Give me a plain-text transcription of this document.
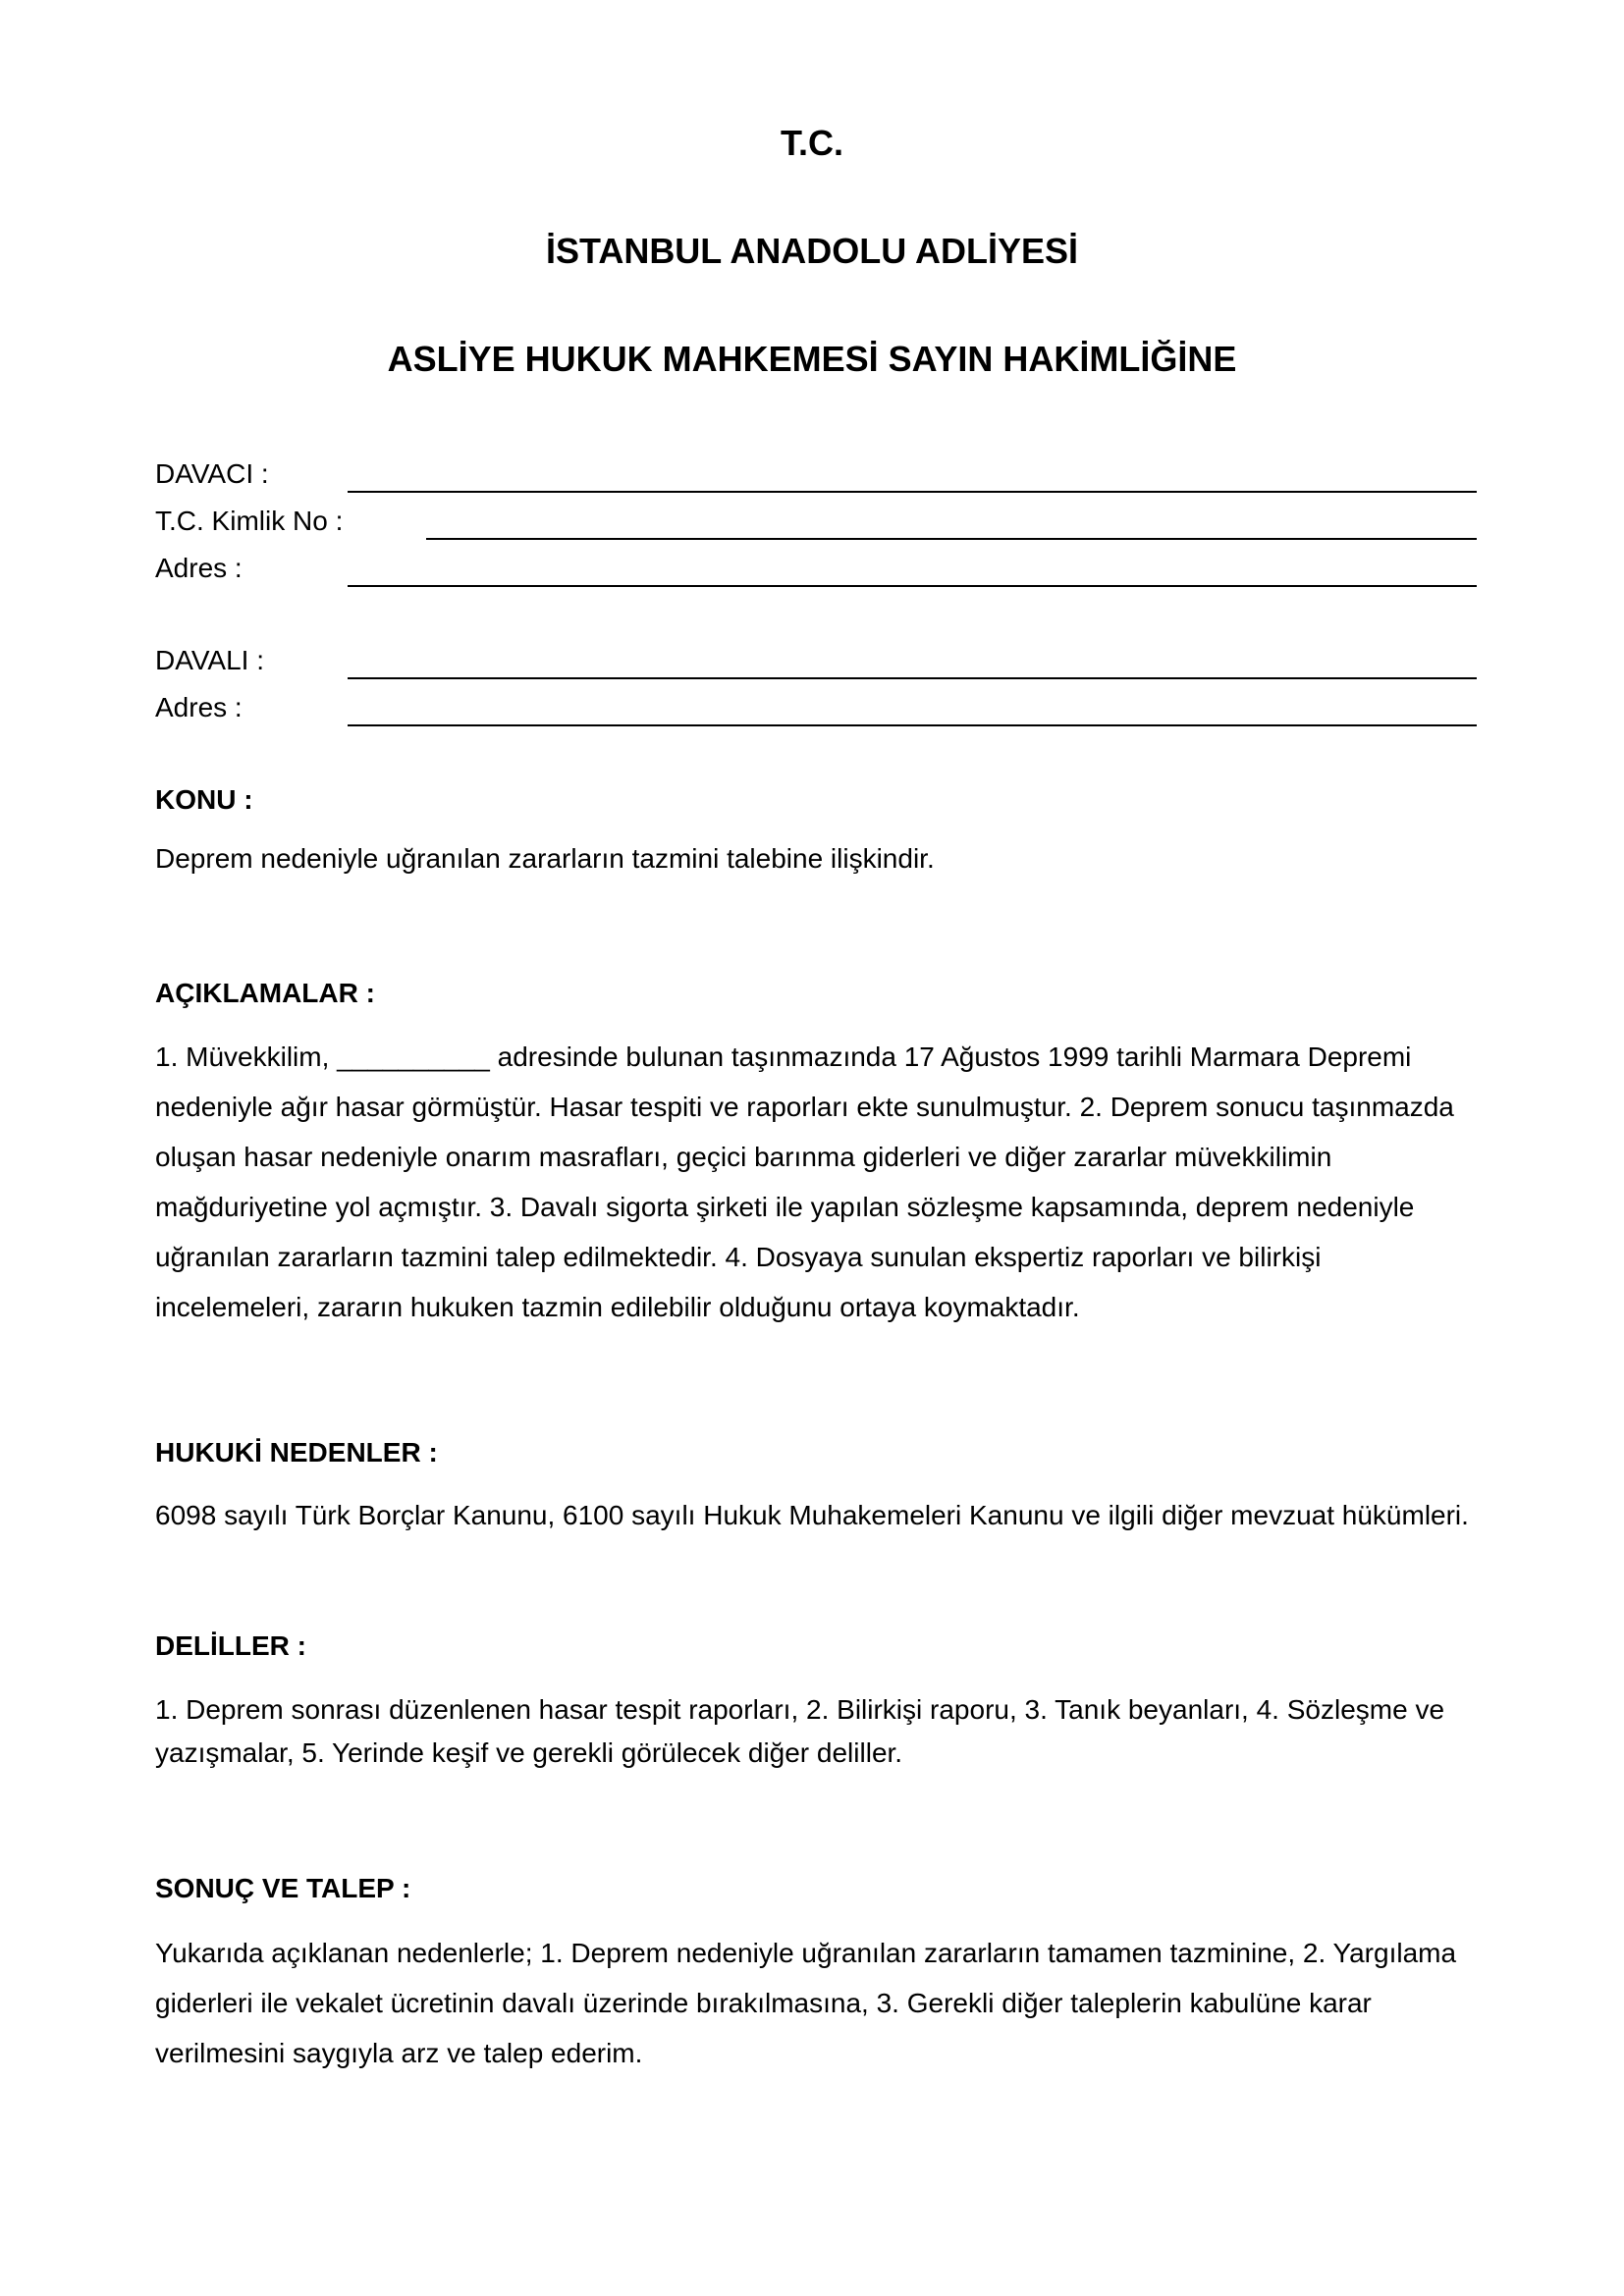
T.C.
İSTANBUL ANADOLU ADLİYESİ
ASLİYE HUKUK MAHKEMESİ SAYIN HAKİMLİĞİNE
DAVACI :
T.C. Kimlik No :
Adres :
DAVALI :
Adres :
KONU :
Deprem nedeniyle uğranılan zararların tazmini talebine ilişkindir.
AÇIKLAMALAR :
1. Müvekkilim, __________ adresinde bulunan taşınmazında 17 Ağustos 1999 tarihli Marmara Depremi nedeniyle ağır hasar görmüştür. Hasar tespiti ve raporları ekte sunulmuştur. 2. Deprem sonucu taşınmazda oluşan hasar nedeniyle onarım masrafları, geçici barınma giderleri ve diğer zararlar müvekkilimin mağduriyetine yol açmıştır. 3. Davalı sigorta şirketi ile yapılan sözleşme kapsamında, deprem nedeniyle uğranılan zararların tazmini talep edilmektedir. 4. Dosyaya sunulan ekspertiz raporları ve bilirkişi incelemeleri, zararın hukuken tazmin edilebilir olduğunu ortaya koymaktadır.
HUKUKİ NEDENLER :
6098 sayılı Türk Borçlar Kanunu, 6100 sayılı Hukuk Muhakemeleri Kanunu ve ilgili diğer mevzuat hükümleri.
DELİLLER :
1. Deprem sonrası düzenlenen hasar tespit raporları, 2. Bilirkişi raporu, 3. Tanık beyanları, 4. Sözleşme ve yazışmalar, 5. Yerinde keşif ve gerekli görülecek diğer deliller.
SONUÇ VE TALEP :
Yukarıda açıklanan nedenlerle; 1. Deprem nedeniyle uğranılan zararların tamamen tazminine, 2. Yargılama giderleri ile vekalet ücretinin davalı üzerinde bırakılmasına, 3. Gerekli diğer taleplerin kabulüne karar verilmesini saygıyla arz ve talep ederim.
